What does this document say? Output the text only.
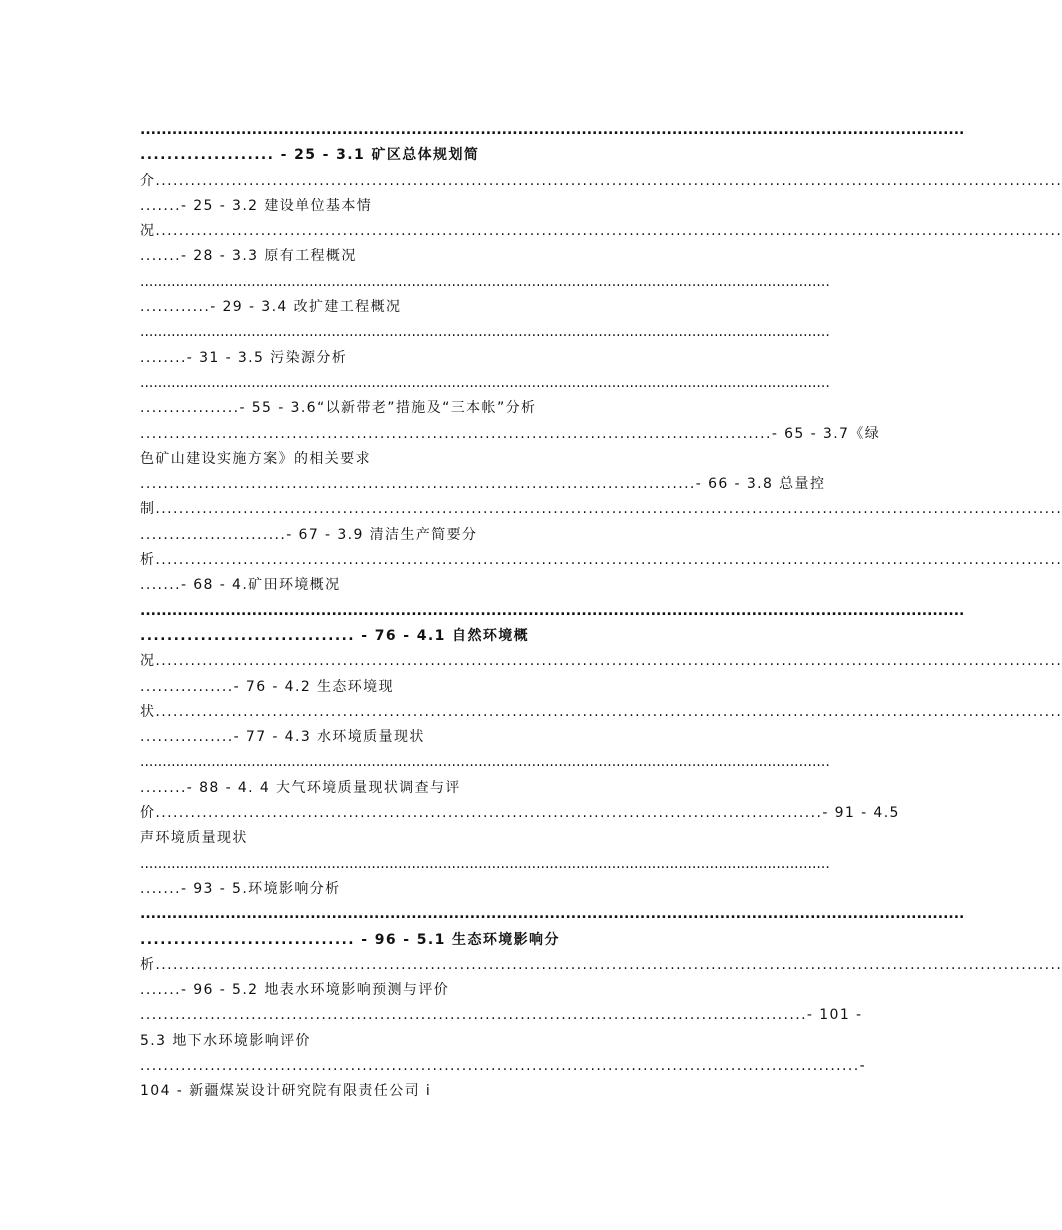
...........................................................................................................................................................
.................... - 25 - 3.1 矿区总体规划简
介...........................................................................................................................................................
.......- 25 - 3.2 建设单位基本情
况...........................................................................................................................................................
.......- 28 - 3.3 原有工程概况
...........................................................................................................................................................
............- 29 - 3.4 改扩建工程概况
...........................................................................................................................................................
........- 31 - 3.5 污染源分析
...........................................................................................................................................................
.................- 55 - 3.6“以新带老”措施及“三本帐”分析
............................................................................................................- 65 - 3.7《绿
色矿山建设实施方案》的相关要求
...............................................................................................- 66 - 3.8 总量控
制...........................................................................................................................................................
.........................- 67 - 3.9 清洁生产简要分
析...........................................................................................................................................................
.......- 68 - 4.矿田环境概况
...........................................................................................................................................................
................................ - 76 - 4.1 自然环境概
况...........................................................................................................................................................
................- 76 - 4.2 生态环境现
状...........................................................................................................................................................
................- 77 - 4.3 水环境质量现状
...........................................................................................................................................................
........- 88 - 4. 4 大气环境质量现状调查与评
价..................................................................................................................- 91 - 4.5
声环境质量现状
...........................................................................................................................................................
.......- 93 - 5.环境影响分析
...........................................................................................................................................................
................................ - 96 - 5.1 生态环境影响分
析...........................................................................................................................................................
.......- 96 - 5.2 地表水环境影响预测与评价
..................................................................................................................- 101 -
5.3 地下水环境影响评价
...........................................................................................................................-
104 - 新疆煤炭设计研究院有限责任公司 i
